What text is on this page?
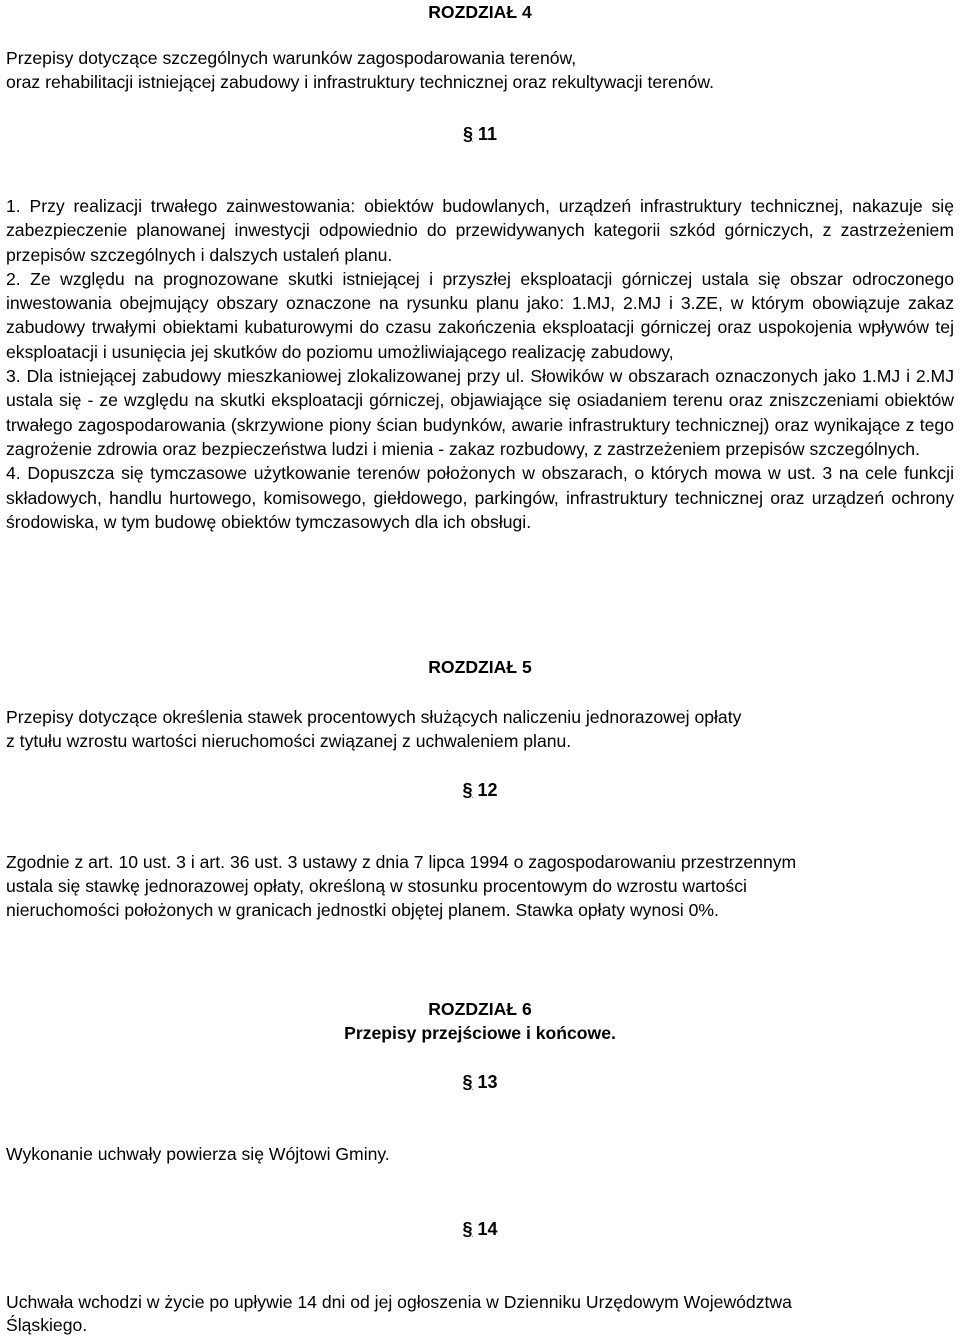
ROZDZIAŁ 4
Przepisy dotyczące szczególnych warunków zagospodarowania terenów,
oraz rehabilitacji istniejącej zabudowy i infrastruktury technicznej oraz rekultywacji terenów.
§ 11

1. Przy realizacji trwałego zainwestowania: obiektów budowlanych, urządzeń infrastruktury technicznej, nakazuje się zabezpieczenie planowanej inwestycji odpowiednio do przewidywanych kategorii szkód górniczych, z zastrzeżeniem przepisów szczególnych i dalszych ustaleń planu.

2. Ze względu na prognozowane skutki istniejącej i przyszłej eksploatacji górniczej ustala się obszar odroczonego inwestowania obejmujący obszary oznaczone na rysunku planu jako: 1.MJ, 2.MJ i 3.ZE, w którym obowiązuje zakaz zabudowy trwałymi obiektami kubaturowymi do czasu zakończenia eksploatacji górniczej oraz uspokojenia wpływów tej eksploatacji i usunięcia jej skutków do poziomu umożliwiającego realizację zabudowy,

3. Dla istniejącej zabudowy mieszkaniowej zlokalizowanej przy ul. Słowików w obszarach oznaczonych jako 1.MJ i 2.MJ ustala się - ze względu na skutki eksploatacji górniczej, objawiające się osiadaniem terenu oraz zniszczeniami obiektów trwałego zagospodarowania (skrzywione piony ścian budynków, awarie infrastruktury technicznej) oraz wynikające z tego zagrożenie zdrowia oraz bezpieczeństwa ludzi i mienia - zakaz rozbudowy, z zastrzeżeniem przepisów szczególnych.

4. Dopuszcza się tymczasowe użytkowanie terenów położonych w obszarach, o których mowa w ust. 3 na cele funkcji składowych, handlu hurtowego, komisowego, giełdowego, parkingów, infrastruktury technicznej oraz urządzeń ochrony środowiska, w tym budowę obiektów tymczasowych dla ich obsługi.

ROZDZIAŁ 5
Przepisy dotyczące określenia stawek procentowych służących naliczeniu jednorazowej opłaty
z tytułu wzrostu wartości nieruchomości związanej z uchwaleniem planu.
§ 12
Zgodnie z art. 10 ust. 3 i art. 36 ust. 3 ustawy z dnia 7 lipca 1994 o zagospodarowaniu przestrzennym
ustala się stawkę jednorazowej opłaty, określoną w stosunku procentowym do wzrostu wartości
nieruchomości położonych w granicach jednostki objętej planem. Stawka opłaty wynosi 0%.
ROZDZIAŁ 6
Przepisy przejściowe i końcowe.
§ 13
Wykonanie uchwały powierza się Wójtowi Gminy.
§ 14
Uchwała wchodzi w życie po upływie 14 dni od jej ogłoszenia w Dzienniku Urzędowym Województwa
Śląskiego.
